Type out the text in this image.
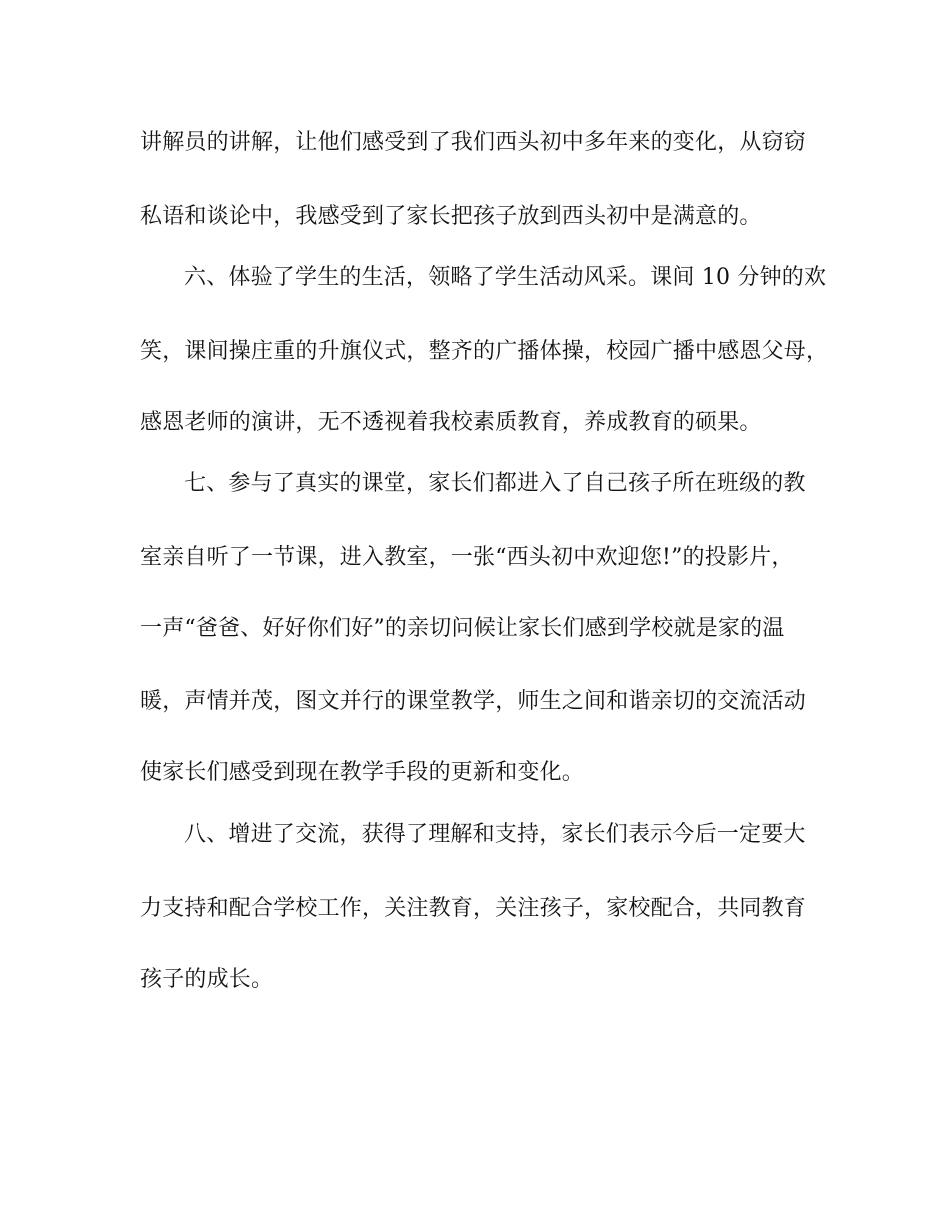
讲解员的讲解，让他们感受到了我们西头初中多年来的变化，从窃窃
私语和谈论中，我感受到了家长把孩子放到西头初中是满意的。
六、体验了学生的生活，领略了学生活动风采。课间 10 分钟的欢
笑，课间操庄重的升旗仪式，整齐的广播体操，校园广播中感恩父母，
感恩老师的演讲，无不透视着我校素质教育，养成教育的硕果。
七、参与了真实的课堂，家长们都进入了自己孩子所在班级的教
室亲自听了一节课，进入教室，一张“西头初中欢迎您!”的投影片，
一声“爸爸、好好你们好”的亲切问候让家长们感到学校就是家的温
暖，声情并茂，图文并行的课堂教学，师生之间和谐亲切的交流活动
使家长们感受到现在教学手段的更新和变化。
八、增进了交流，获得了理解和支持，家长们表示今后一定要大
力支持和配合学校工作，关注教育，关注孩子，家校配合，共同教育
孩子的成长。
